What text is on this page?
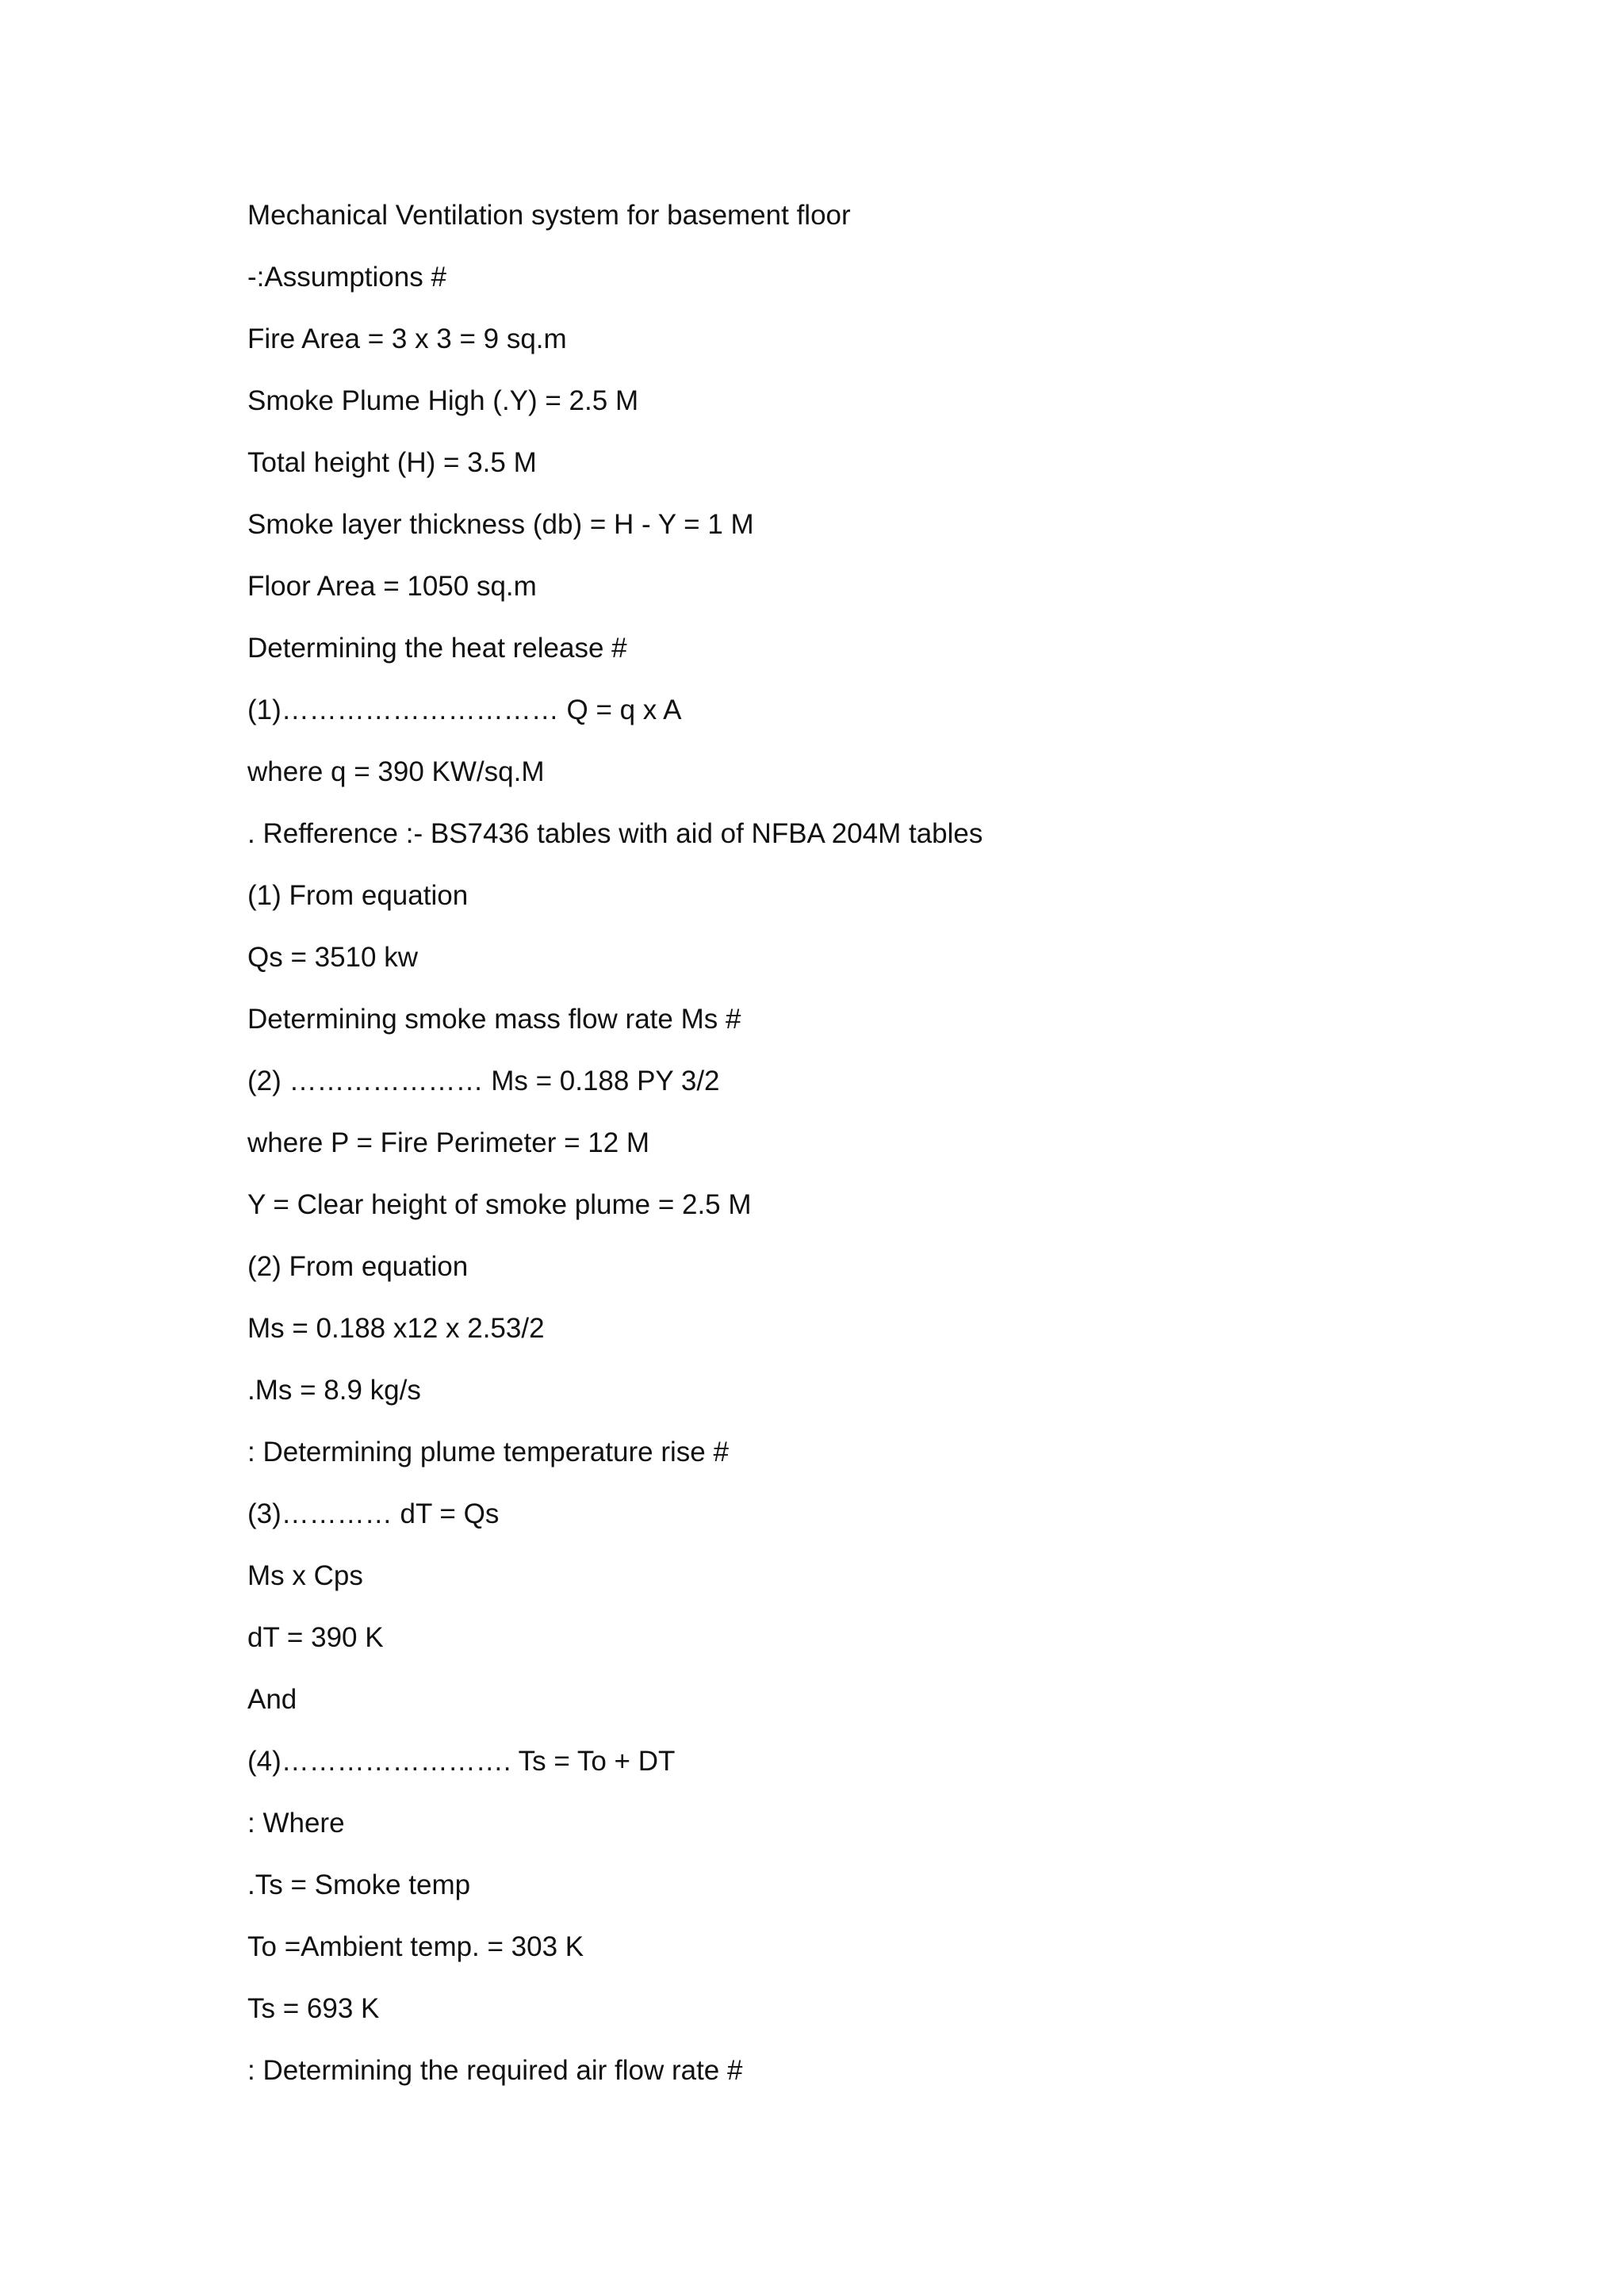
Mechanical Ventilation system for basement floor

-:Assumptions #

Fire Area = 3 x 3 = 9 sq.m

Smoke Plume High (.Y) = 2.5 M

Total height (H) = 3.5 M

Smoke layer thickness (db) = H - Y = 1 M

Floor Area = 1050 sq.m

Determining the heat release #

(1)………………………… Q = q x A

where q = 390 KW/sq.M

. Refference :- BS7436 tables with aid of NFBA 204M tables

(1) From equation

Qs = 3510 kw

Determining smoke mass flow rate Ms #

(2) ………………… Ms = 0.188 PY 3/2

where P = Fire Perimeter = 12 M

Y = Clear height of smoke plume = 2.5 M

(2) From equation

Ms = 0.188 x12 x 2.53/2

.Ms = 8.9 kg/s

: Determining plume temperature rise #

(3)………… dT = Qs

Ms x Cps

dT = 390 K

And

(4)……………………. Ts = To + DT

: Where

.Ts = Smoke temp

To =Ambient temp. = 303 K

Ts = 693 K

: Determining the required air flow rate #
